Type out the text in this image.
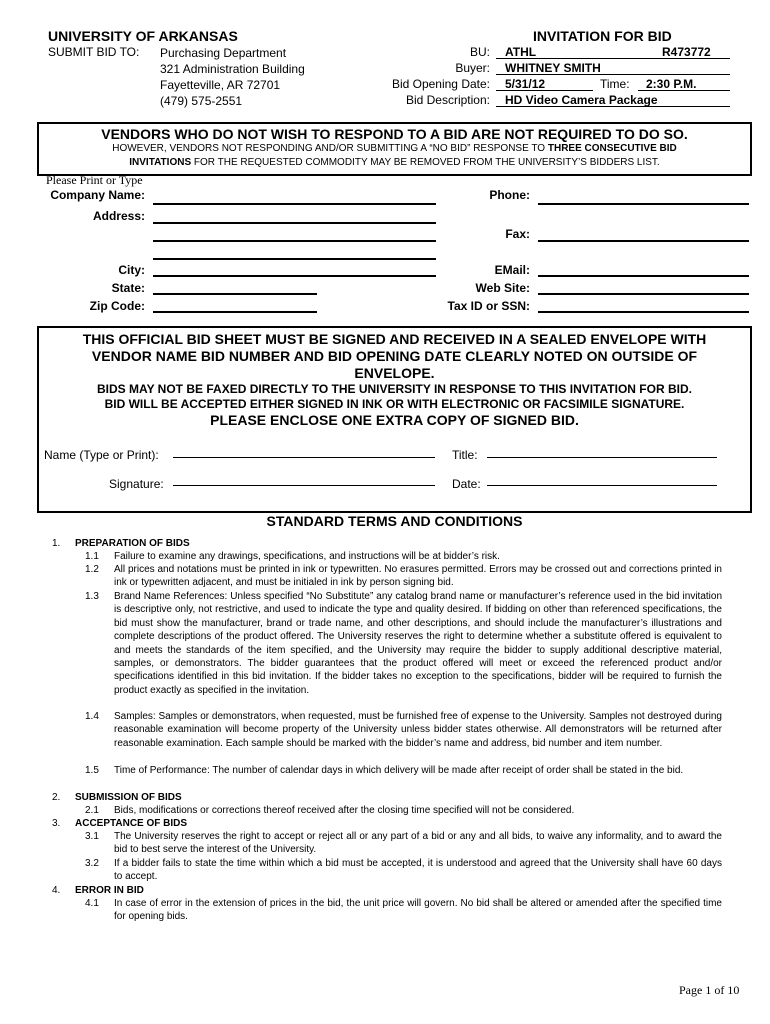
UNIVERSITY OF ARKANSAS	INVITATION FOR BID
SUBMIT BID TO: Purchasing Department
321 Administration Building
Fayetteville, AR 72701
(479) 575-2551
BU: ATHL	R473772
Buyer: WHITNEY SMITH
Bid Opening Date: 5/31/12	Time: 2:30 P.M.
Bid Description: HD Video Camera Package
VENDORS WHO DO NOT WISH TO RESPOND TO A BID ARE NOT REQUIRED TO DO SO.
HOWEVER, VENDORS NOT RESPONDING AND/OR SUBMITTING A “NO BID” RESPONSE TO THREE CONSECUTIVE BID
INVITATIONS FOR THE REQUESTED COMMODITY MAY BE REMOVED FROM THE UNIVERSITY’S BIDDERS LIST.
Please Print or Type
Company Name:
Address:
City:
State:
Zip Code:
Phone:
Fax:
EMail:
Web Site:
Tax ID or SSN:
THIS OFFICIAL BID SHEET MUST BE SIGNED AND RECEIVED IN A SEALED ENVELOPE WITH
VENDOR NAME BID NUMBER AND BID OPENING DATE CLEARLY NOTED ON OUTSIDE OF
ENVELOPE.
BIDS MAY NOT BE FAXED DIRECTLY TO THE UNIVERSITY IN RESPONSE TO THIS INVITATION FOR BID.
BID WILL BE ACCEPTED EITHER SIGNED IN INK OR WITH ELECTRONIC OR FACSIMILE SIGNATURE.
PLEASE ENCLOSE ONE EXTRA COPY OF SIGNED BID.
Name (Type or Print):	Title:
Signature:	Date:
STANDARD TERMS AND CONDITIONS
1. PREPARATION OF BIDS
1.1 Failure to examine any drawings, specifications, and instructions will be at bidder’s risk.
1.2 All prices and notations must be printed in ink or typewritten. No erasures permitted. Errors may be crossed out and corrections printed in ink or typewritten adjacent, and must be initialed in ink by person signing bid.
1.3 Brand Name References: Unless specified “No Substitute” any catalog brand name or manufacturer’s reference used in the bid invitation is descriptive only, not restrictive, and used to indicate the type and quality desired. If bidding on other than referenced specifications, the bid must show the manufacturer, brand or trade name, and other descriptions, and should include the manufacturer’s illustrations and complete descriptions of the product offered. The University reserves the right to determine whether a substitute offered is equivalent to and meets the standards of the item specified, and the University may require the bidder to supply additional descriptive material, samples, or demonstrators. The bidder guarantees that the product offered will meet or exceed the referenced product and/or specifications identified in this bid invitation. If the bidder takes no exception to the specifications, bidder will be required to furnish the product exactly as specified in the invitation.
1.4 Samples: Samples or demonstrators, when requested, must be furnished free of expense to the University. Samples not destroyed during reasonable examination will become property of the University unless bidder states otherwise. All demonstrators will be returned after reasonable examination. Each sample should be marked with the bidder’s name and address, bid number and item number.
1.5 Time of Performance: The number of calendar days in which delivery will be made after receipt of order shall be stated in the bid.
2. SUBMISSION OF BIDS
2.1 Bids, modifications or corrections thereof received after the closing time specified will not be considered.
3. ACCEPTANCE OF BIDS
3.1 The University reserves the right to accept or reject all or any part of a bid or any and all bids, to waive any informality, and to award the bid to best serve the interest of the University.
3.2 If a bidder fails to state the time within which a bid must be accepted, it is understood and agreed that the University shall have 60 days to accept.
4. ERROR IN BID
4.1 In case of error in the extension of prices in the bid, the unit price will govern. No bid shall be altered or amended after the specified time for opening bids.
Page 1 of 10
